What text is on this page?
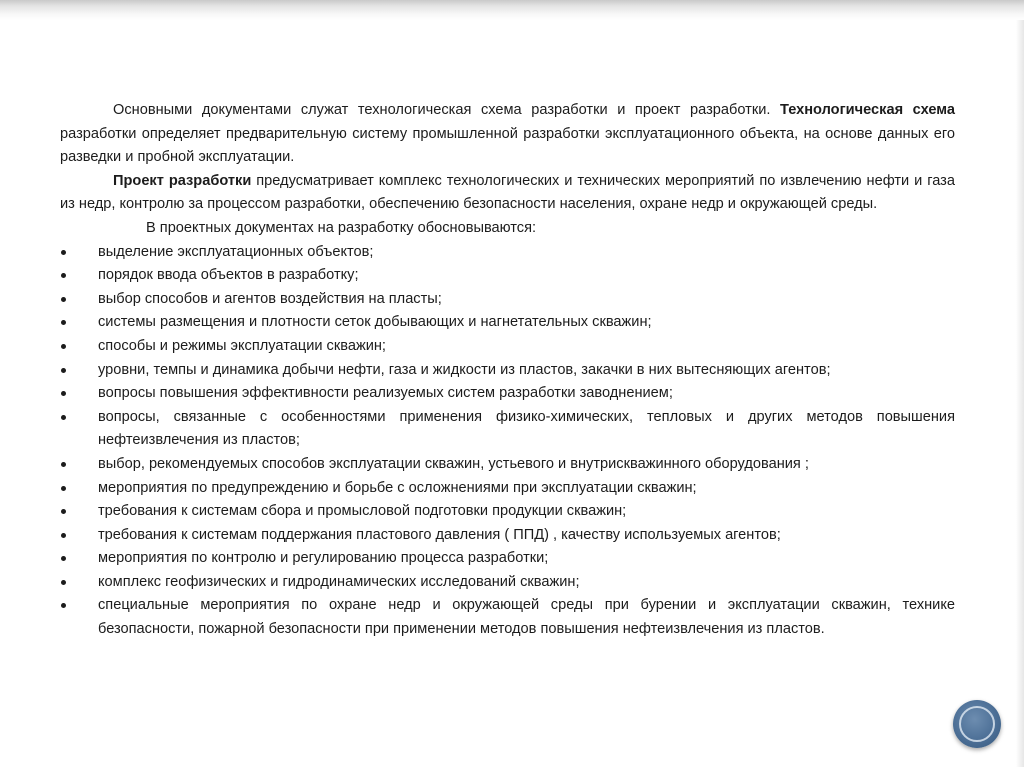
Основными документами служат технологическая схема разработки и проект разработки. Технологическая схема разработки определяет предварительную систему промышленной разработки эксплуатационного объекта, на основе данных его разведки и пробной эксплуатации.

Проект разработки предусматривает комплекс технологических и технических мероприятий по извлечению нефти и газа из недр, контролю за процессом разработки, обеспечению безопасности населения, охране недр и окружающей среды.

В проектных документах на разработку обосновываются:

выделение эксплуатационных объектов;
порядок ввода объектов в разработку;
выбор способов и агентов воздействия на пласты;
системы размещения и плотности сеток добывающих и нагнетательных скважин;
способы и режимы эксплуатации скважин;
уровни, темпы и динамика добычи нефти, газа и жидкости из пластов, закачки в них вытесняющих агентов;
вопросы повышения эффективности реализуемых систем разработки заводнением;
вопросы, связанные с особенностями применения физико-химических, тепловых и других методов повышения нефтеизвлечения из пластов;
выбор, рекомендуемых способов эксплуатации скважин, устьевого и внутрискважинного оборудования ;
мероприятия по предупреждению и борьбе с осложнениями при эксплуатации скважин;
требования к системам сбора и промысловой подготовки продукции скважин;
требования к системам поддержания пластового давления ( ППД) , качеству используемых агентов;
мероприятия по контролю и регулированию процесса разработки;
комплекс геофизических и гидродинамических исследований скважин;
специальные мероприятия по охране недр и окружающей среды при бурении и эксплуатации скважин, технике безопасности, пожарной безопасности при применении методов повышения нефтеизвлечения из пластов.
